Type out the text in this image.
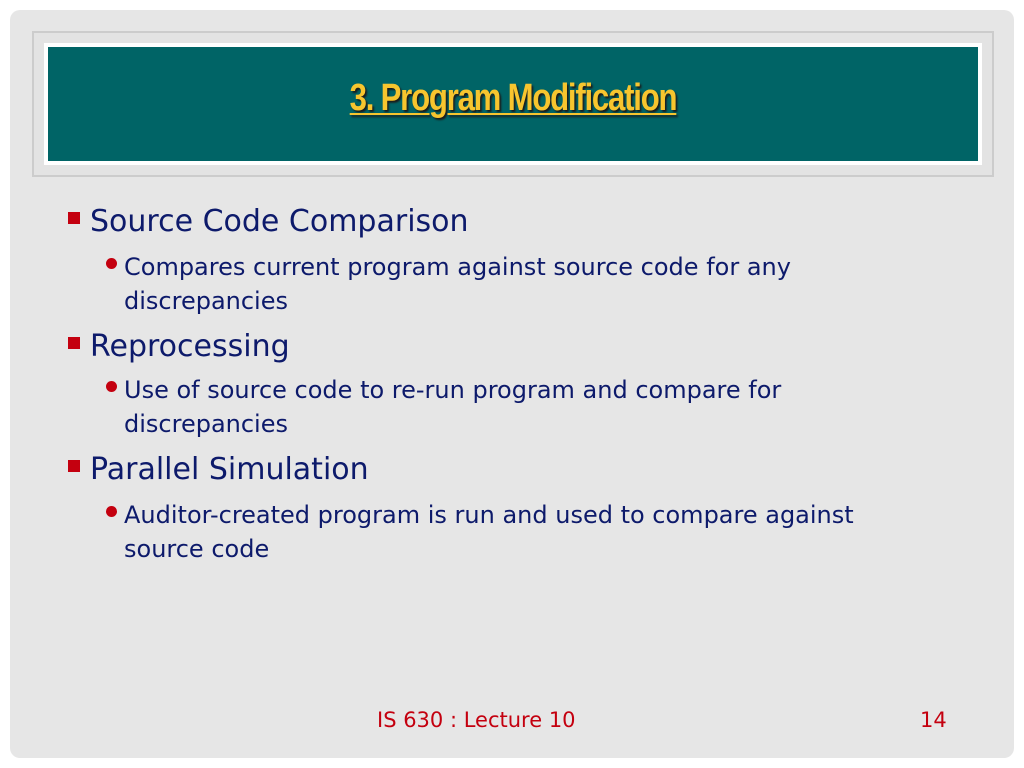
3. Program Modification
Source Code Comparison
Compares current program against source code for any discrepancies
Reprocessing
Use of source code to re-run program and compare for discrepancies
Parallel Simulation
Auditor-created program is run and used to compare against source code
IS 630 : Lecture 10	14
